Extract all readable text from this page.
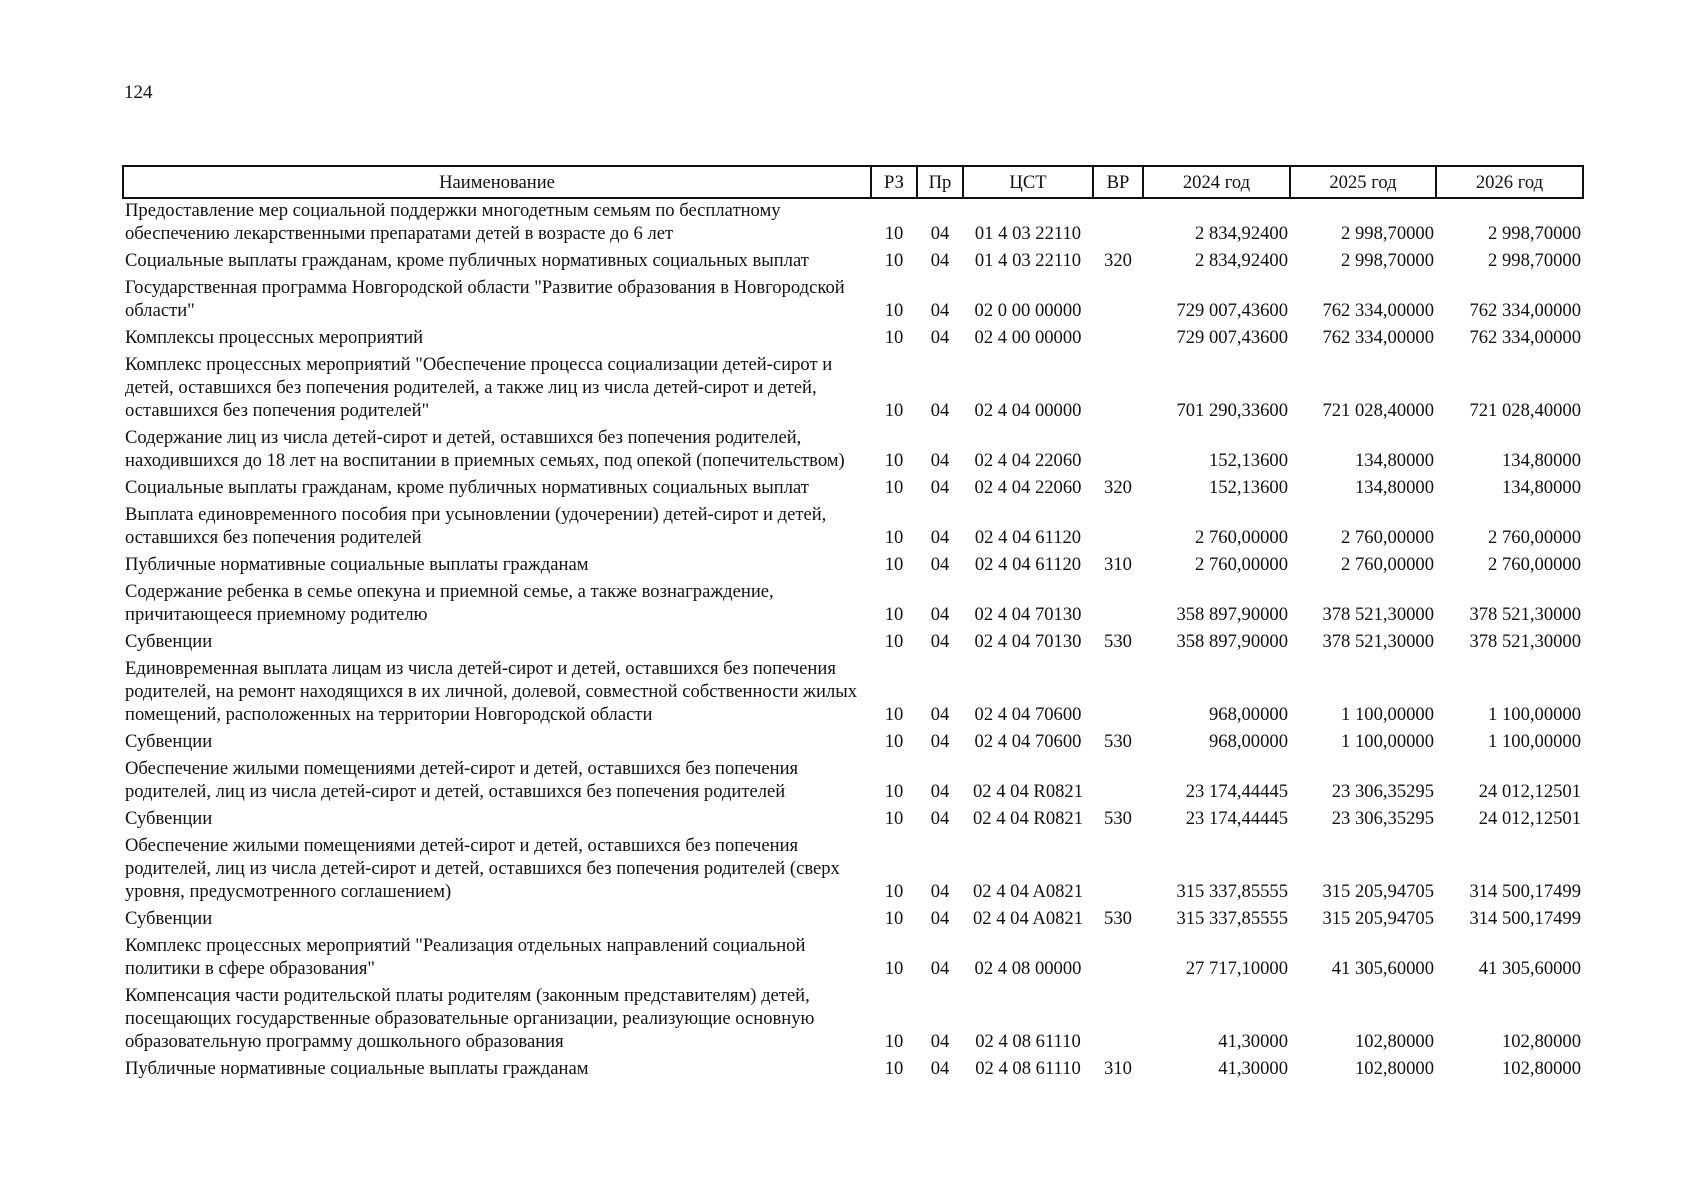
124
Наименование	РЗ	Пр	ЦСТ	ВР	2024 год	2025 год	2026 год
Предоставление мер социальной поддержки многодетным семьям по бесплатному обеспечению лекарственными препаратами детей в возрасте до 6 лет	10	04	01 4 03 22110		2 834,92400	2 998,70000	2 998,70000
Социальные выплаты гражданам, кроме публичных нормативных социальных выплат	10	04	01 4 03 22110	320	2 834,92400	2 998,70000	2 998,70000
Государственная программа Новгородской области "Развитие образования в Новгородской области"	10	04	02 0 00 00000		729 007,43600	762 334,00000	762 334,00000
Комплексы процессных мероприятий	10	04	02 4 00 00000		729 007,43600	762 334,00000	762 334,00000
Комплекс процессных мероприятий "Обеспечение процесса социализации детей-сирот и детей, оставшихся без попечения родителей, а также лиц из числа детей-сирот и детей, оставшихся без попечения родителей"	10	04	02 4 04 00000		701 290,33600	721 028,40000	721 028,40000
Содержание лиц из числа детей-сирот и детей, оставшихся без попечения родителей, находившихся до 18 лет на воспитании в приемных семьях, под опекой (попечительством)	10	04	02 4 04 22060		152,13600	134,80000	134,80000
Социальные выплаты гражданам, кроме публичных нормативных социальных выплат	10	04	02 4 04 22060	320	152,13600	134,80000	134,80000
Выплата единовременного пособия при усыновлении (удочерении) детей-сирот и детей, оставшихся без попечения родителей	10	04	02 4 04 61120		2 760,00000	2 760,00000	2 760,00000
Публичные нормативные социальные выплаты гражданам	10	04	02 4 04 61120	310	2 760,00000	2 760,00000	2 760,00000
Содержание ребенка в семье опекуна и приемной семье, а также вознаграждение, причитающееся приемному родителю	10	04	02 4 04 70130		358 897,90000	378 521,30000	378 521,30000
Субвенции	10	04	02 4 04 70130	530	358 897,90000	378 521,30000	378 521,30000
Единовременная выплата лицам из числа детей-сирот и детей, оставшихся без попечения родителей, на ремонт находящихся в их личной, долевой, совместной собственности жилых помещений, расположенных на территории Новгородской области	10	04	02 4 04 70600		968,00000	1 100,00000	1 100,00000
Субвенции	10	04	02 4 04 70600	530	968,00000	1 100,00000	1 100,00000
Обеспечение жилыми помещениями детей-сирот и детей, оставшихся без попечения родителей, лиц из числа детей-сирот и детей, оставшихся без попечения родителей	10	04	02 4 04 R0821		23 174,44445	23 306,35295	24 012,12501
Субвенции	10	04	02 4 04 R0821	530	23 174,44445	23 306,35295	24 012,12501
Обеспечение жилыми помещениями детей-сирот и детей, оставшихся без попечения родителей, лиц из числа детей-сирот и детей, оставшихся без попечения родителей (сверх уровня, предусмотренного соглашением)	10	04	02 4 04 A0821		315 337,85555	315 205,94705	314 500,17499
Субвенции	10	04	02 4 04 A0821	530	315 337,85555	315 205,94705	314 500,17499
Комплекс процессных мероприятий "Реализация отдельных направлений социальной политики в сфере образования"	10	04	02 4 08 00000		27 717,10000	41 305,60000	41 305,60000
Компенсация части родительской платы родителям (законным представителям) детей, посещающих государственные образовательные организации, реализующие основную образовательную программу дошкольного образования	10	04	02 4 08 61110		41,30000	102,80000	102,80000
Публичные нормативные социальные выплаты гражданам	10	04	02 4 08 61110	310	41,30000	102,80000	102,80000
